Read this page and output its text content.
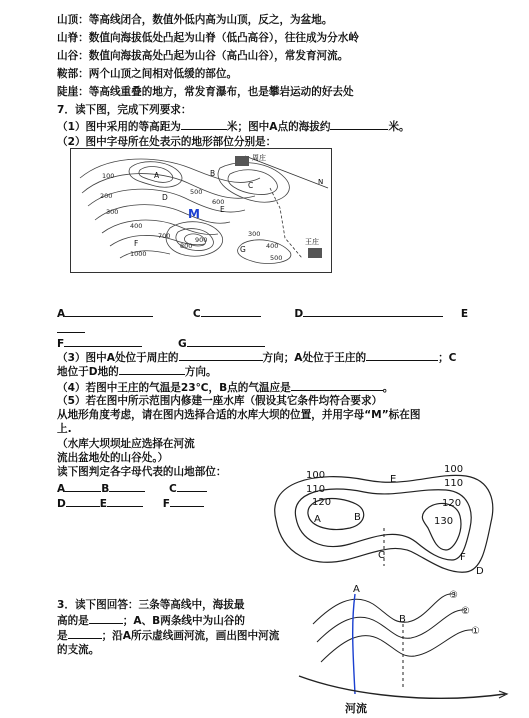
山顶：等高线闭合，数值外低内高为山顶，反之，为盆地。
山脊：数值向海拔低处凸起为山脊（低凸高谷），往往成为分水岭
山谷：数值向海拔高处凸起为山谷（高凸山谷），常发育河流。
鞍部：两个山顶之间相对低缓的部位。
陡崖：等高线重叠的地方，常发育瀑布，也是攀岩运动的好去处
7．读下图，完成下列要求：
（1）图中采用的等高距为	米；图中A点的海拔约	米。
（2）图中字母所在处表示的地形部位分别是：
周庄
王庄
N
M
100
200
300
400
500
600
700
800
900
1000
300
400
500
A	B
C
D
E
F
G
A	C	D	E
F	G
（3）图中A处位于周庄的	方向；A处位于王庄的	；C
地位于D地的	方向。
（4）若图中王庄的气温是23℃，B点的气温应是	。
（5）若在图中所示范围内修建一座水库（假设其它条件均符合要求）
从地形角度考虑，请在图内选择合适的水库大坝的位置，并用字母“M”标在图
上.
（水库大坝坝址应选择在河流
流出盆地处的山谷处。）
读下图判定各字母代表的山地部位：
A	B	C
D	E	F
100
110
120
100
110
120
130
A	B
C
D
E
F
3．读下图回答：三条等高线中，海拔最
高的是	；A、B两条线中为山谷的
是	；沿A所示虚线画河流，画出图中河流
的支流。
A
B
③
②
①
河流
